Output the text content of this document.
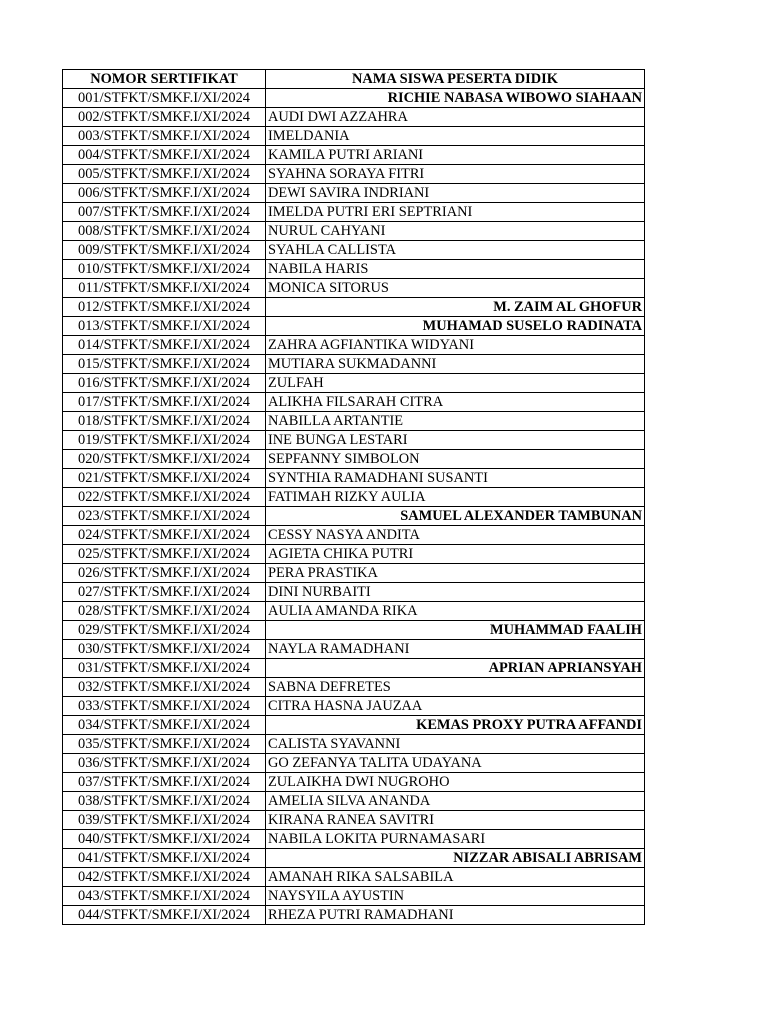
NOMOR SERTIFIKAT	NAMA SISWA PESERTA DIDIK
001/STFKT/SMKF.I/XI/2024	RICHIE NABASA WIBOWO SIAHAAN
002/STFKT/SMKF.I/XI/2024	AUDI DWI AZZAHRA
003/STFKT/SMKF.I/XI/2024	IMELDANIA
004/STFKT/SMKF.I/XI/2024	KAMILA PUTRI ARIANI
005/STFKT/SMKF.I/XI/2024	SYAHNA SORAYA FITRI
006/STFKT/SMKF.I/XI/2024	DEWI SAVIRA INDRIANI
007/STFKT/SMKF.I/XI/2024	IMELDA PUTRI ERI SEPTRIANI
008/STFKT/SMKF.I/XI/2024	NURUL CAHYANI
009/STFKT/SMKF.I/XI/2024	SYAHLA CALLISTA
010/STFKT/SMKF.I/XI/2024	NABILA HARIS
011/STFKT/SMKF.I/XI/2024	MONICA SITORUS
012/STFKT/SMKF.I/XI/2024	M. ZAIM AL GHOFUR
013/STFKT/SMKF.I/XI/2024	MUHAMAD SUSELO RADINATA
014/STFKT/SMKF.I/XI/2024	ZAHRA AGFIANTIKA WIDYANI
015/STFKT/SMKF.I/XI/2024	MUTIARA SUKMADANNI
016/STFKT/SMKF.I/XI/2024	ZULFAH
017/STFKT/SMKF.I/XI/2024	ALIKHA FILSARAH CITRA
018/STFKT/SMKF.I/XI/2024	NABILLA ARTANTIE
019/STFKT/SMKF.I/XI/2024	INE BUNGA LESTARI
020/STFKT/SMKF.I/XI/2024	SEPFANNY SIMBOLON
021/STFKT/SMKF.I/XI/2024	SYNTHIA RAMADHANI SUSANTI
022/STFKT/SMKF.I/XI/2024	FATIMAH RIZKY AULIA
023/STFKT/SMKF.I/XI/2024	SAMUEL ALEXANDER TAMBUNAN
024/STFKT/SMKF.I/XI/2024	CESSY NASYA ANDITA
025/STFKT/SMKF.I/XI/2024	AGIETA CHIKA PUTRI
026/STFKT/SMKF.I/XI/2024	PERA PRASTIKA
027/STFKT/SMKF.I/XI/2024	DINI NURBAITI
028/STFKT/SMKF.I/XI/2024	AULIA AMANDA RIKA
029/STFKT/SMKF.I/XI/2024	MUHAMMAD FAALIH
030/STFKT/SMKF.I/XI/2024	NAYLA RAMADHANI
031/STFKT/SMKF.I/XI/2024	APRIAN APRIANSYAH
032/STFKT/SMKF.I/XI/2024	SABNA DEFRETES
033/STFKT/SMKF.I/XI/2024	CITRA HASNA JAUZAA
034/STFKT/SMKF.I/XI/2024	KEMAS PROXY PUTRA AFFANDI
035/STFKT/SMKF.I/XI/2024	CALISTA SYAVANNI
036/STFKT/SMKF.I/XI/2024	GO ZEFANYA TALITA UDAYANA
037/STFKT/SMKF.I/XI/2024	ZULAIKHA DWI NUGROHO
038/STFKT/SMKF.I/XI/2024	AMELIA SILVA ANANDA
039/STFKT/SMKF.I/XI/2024	KIRANA RANEA SAVITRI
040/STFKT/SMKF.I/XI/2024	NABILA LOKITA PURNAMASARI
041/STFKT/SMKF.I/XI/2024	NIZZAR ABISALI ABRISAM
042/STFKT/SMKF.I/XI/2024	AMANAH RIKA SALSABILA
043/STFKT/SMKF.I/XI/2024	NAYSYILA AYUSTIN
044/STFKT/SMKF.I/XI/2024	RHEZA PUTRI RAMADHANI
